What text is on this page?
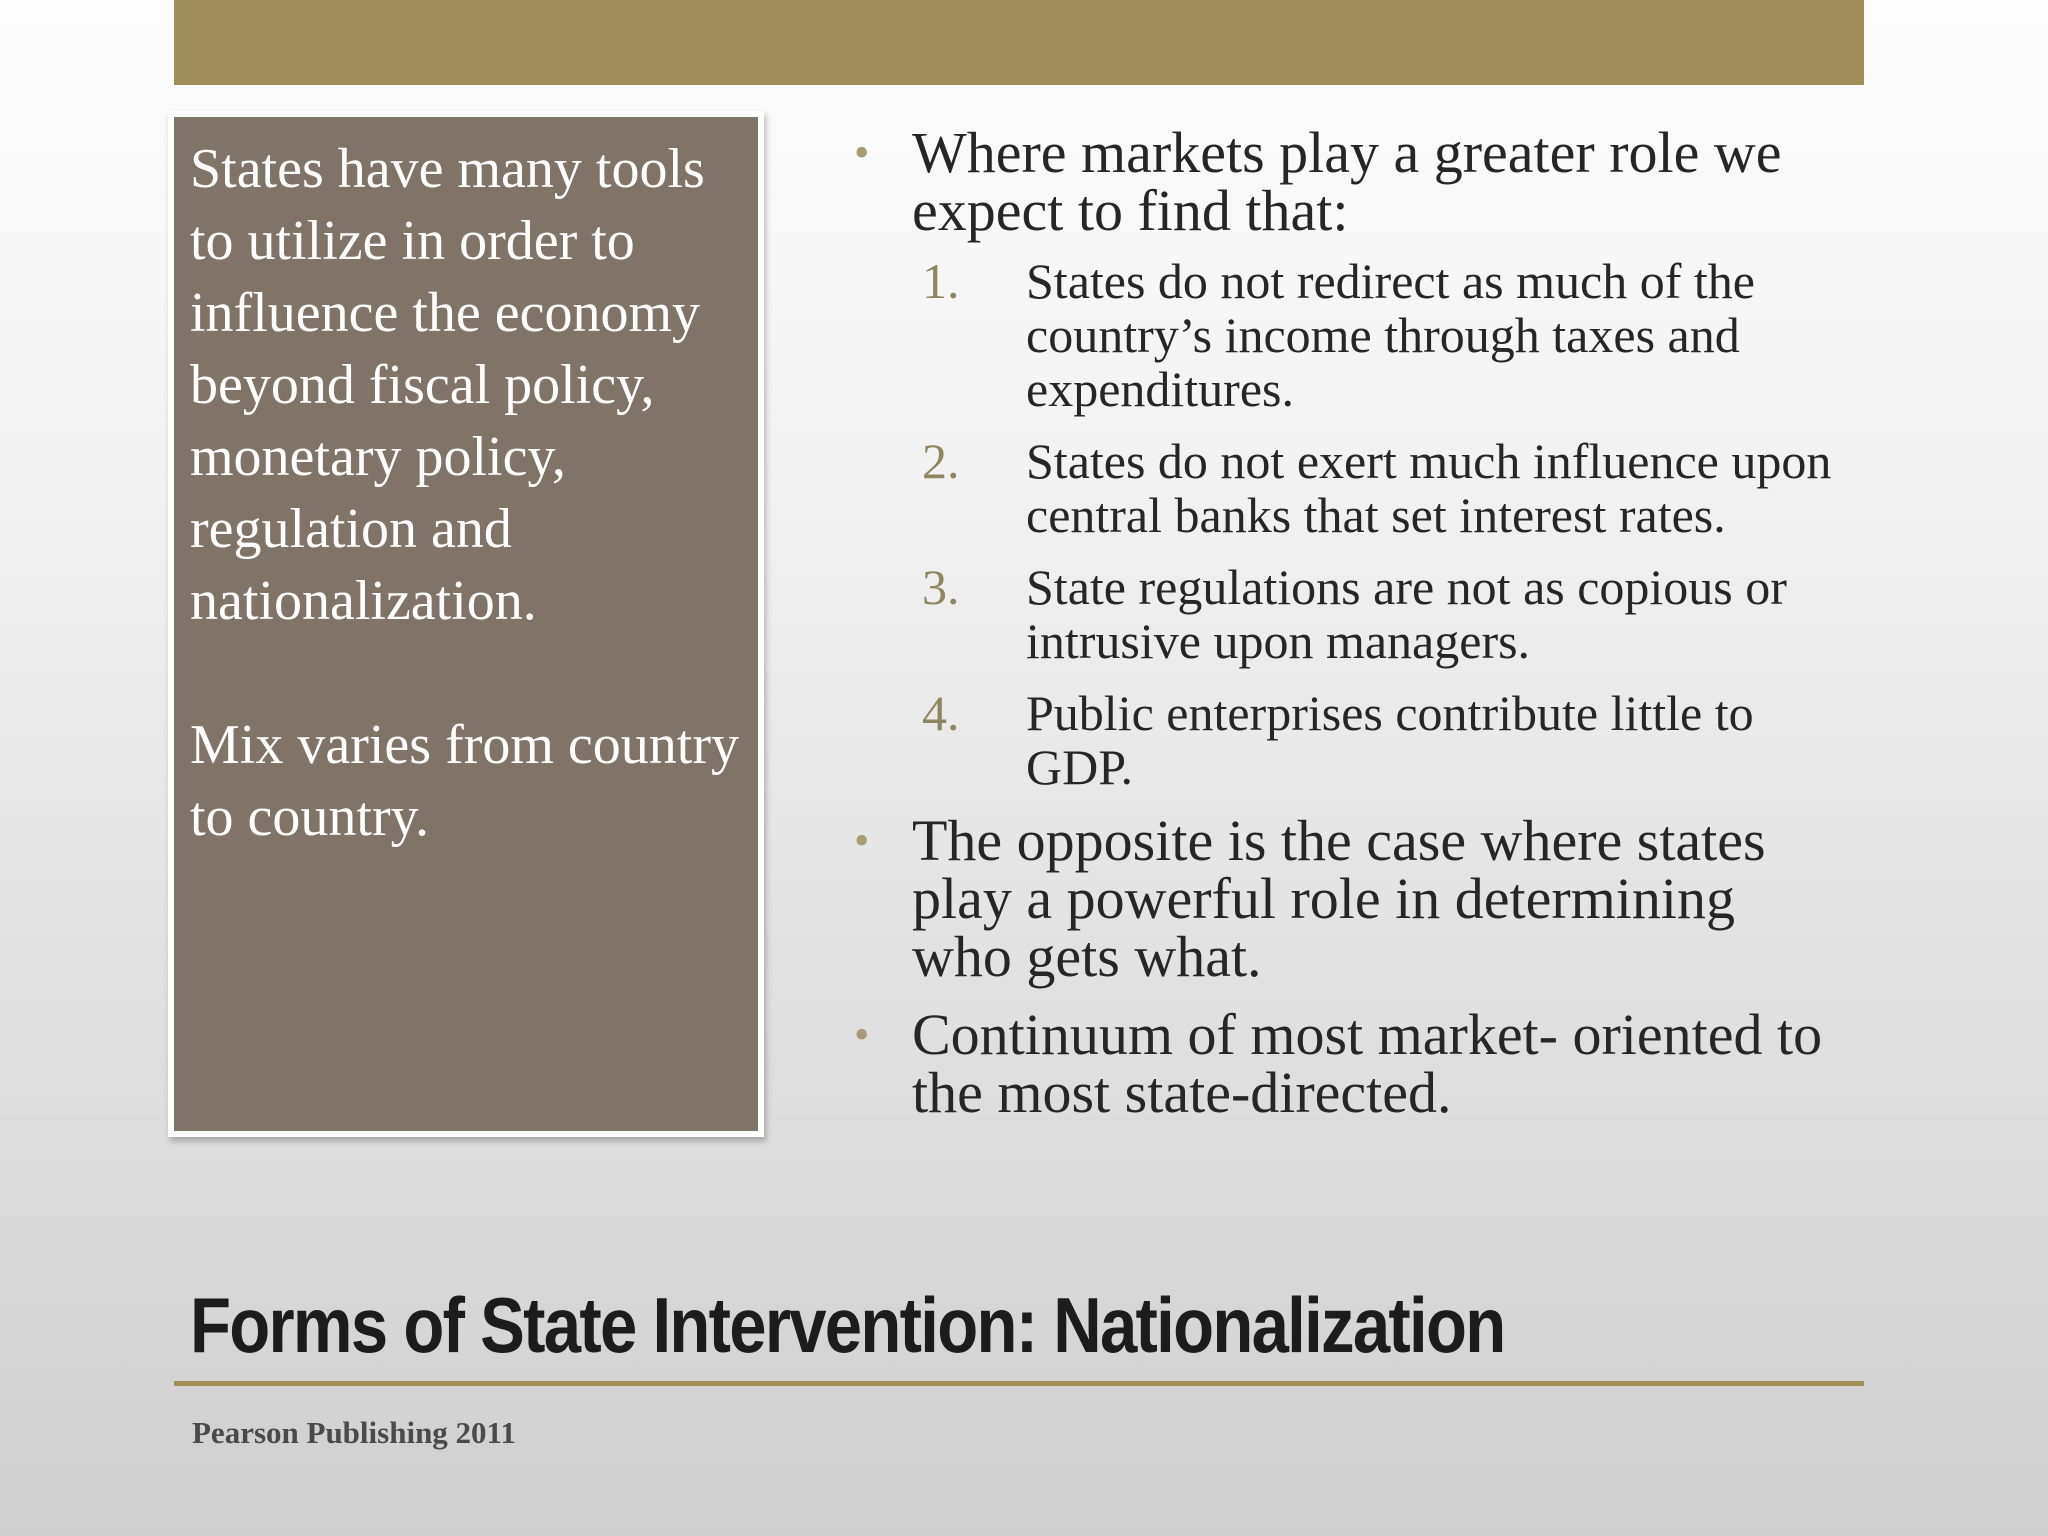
States have many tools to utilize in order to influence the economy beyond fiscal policy, monetary policy, regulation and nationalization.

Mix varies from country to country.

• Where markets play a greater role we expect to find that:
1. States do not redirect as much of the country’s income through taxes and expenditures.
2. States do not exert much influence upon central banks that set interest rates.
3. State regulations are not as copious or intrusive upon managers.
4. Public enterprises contribute little to GDP.
• The opposite is the case where states play a powerful role in determining who gets what.
• Continuum of most market- oriented to the most state-directed.
Forms of State Intervention: Nationalization
Pearson Publishing 2011
